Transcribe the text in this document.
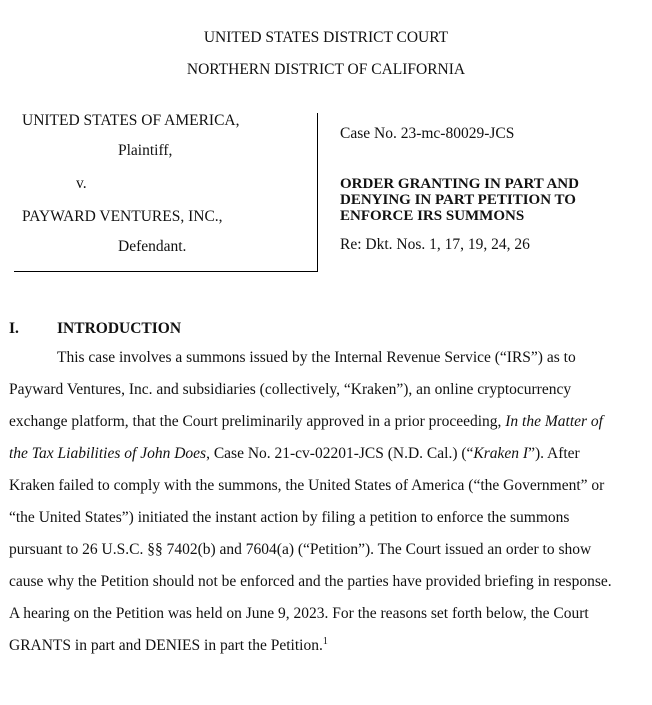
UNITED STATES DISTRICT COURT
NORTHERN DISTRICT OF CALIFORNIA
UNITED STATES OF AMERICA,
Plaintiff,
v.
PAYWARD VENTURES, INC.,
Defendant.
Case No. 23-mc-80029-JCS
ORDER GRANTING IN PART AND
DENYING IN PART PETITION TO
ENFORCE IRS SUMMONS
Re: Dkt. Nos. 1, 17, 19, 24, 26
I. INTRODUCTION
This case involves a summons issued by the Internal Revenue Service (“IRS”) as to
Payward Ventures, Inc. and subsidiaries (collectively, “Kraken”), an online cryptocurrency
exchange platform, that the Court preliminarily approved in a prior proceeding, In the Matter of
the Tax Liabilities of John Does, Case No. 21-cv-02201-JCS (N.D. Cal.) (“Kraken I”). After
Kraken failed to comply with the summons, the United States of America (“the Government” or
“the United States”) initiated the instant action by filing a petition to enforce the summons
pursuant to 26 U.S.C. §§ 7402(b) and 7604(a) (“Petition”). The Court issued an order to show
cause why the Petition should not be enforced and the parties have provided briefing in response.
A hearing on the Petition was held on June 9, 2023. For the reasons set forth below, the Court
GRANTS in part and DENIES in part the Petition.$^1$
